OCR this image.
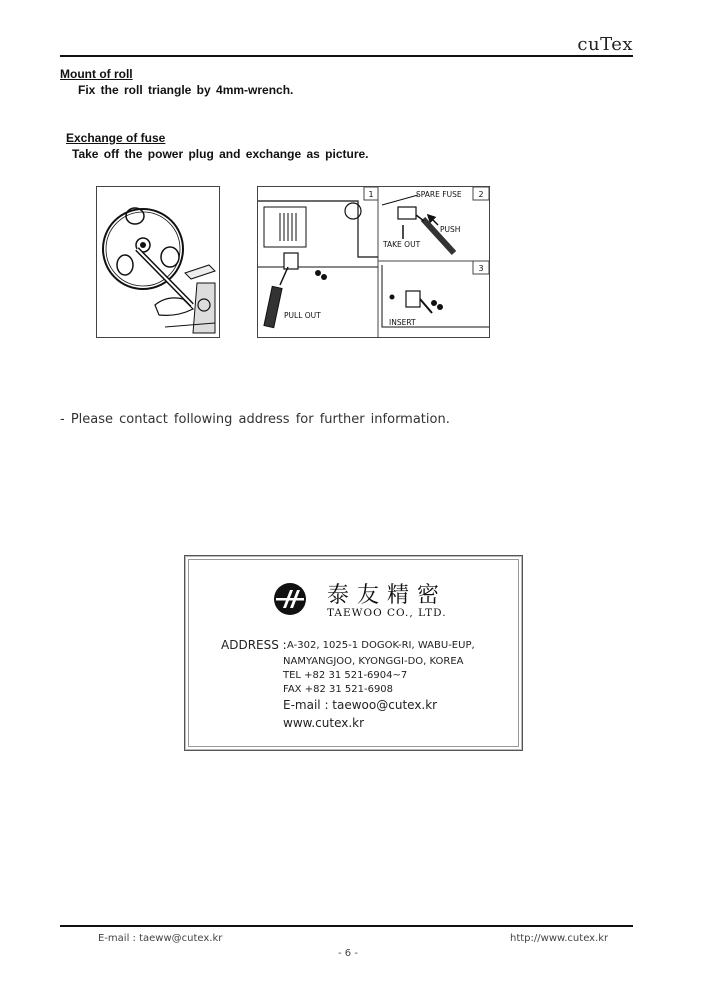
cuTex
Mount of roll
Fix the roll triangle by 4mm-wrench.
Exchange of fuse
Take off the power plug and exchange as picture.
1	2
3
SPARE FUSE
PUSH
TAKE OUT
PULL OUT
INSERT
- Please contact following address for further information.
泰友精密
TAEWOO CO., LTD.
ADDRESS : A-302, 1025-1 DOGOK-RI, WABU-EUP,
NAMYANGJOO, KYONGGI-DO, KOREA
TEL +82 31 521-6904~7
FAX +82 31 521-6908
E-mail : taewoo@cutex.kr
www.cutex.kr
E-mail : taeww@cutex.kr	http://www.cutex.kr
- 6 -
